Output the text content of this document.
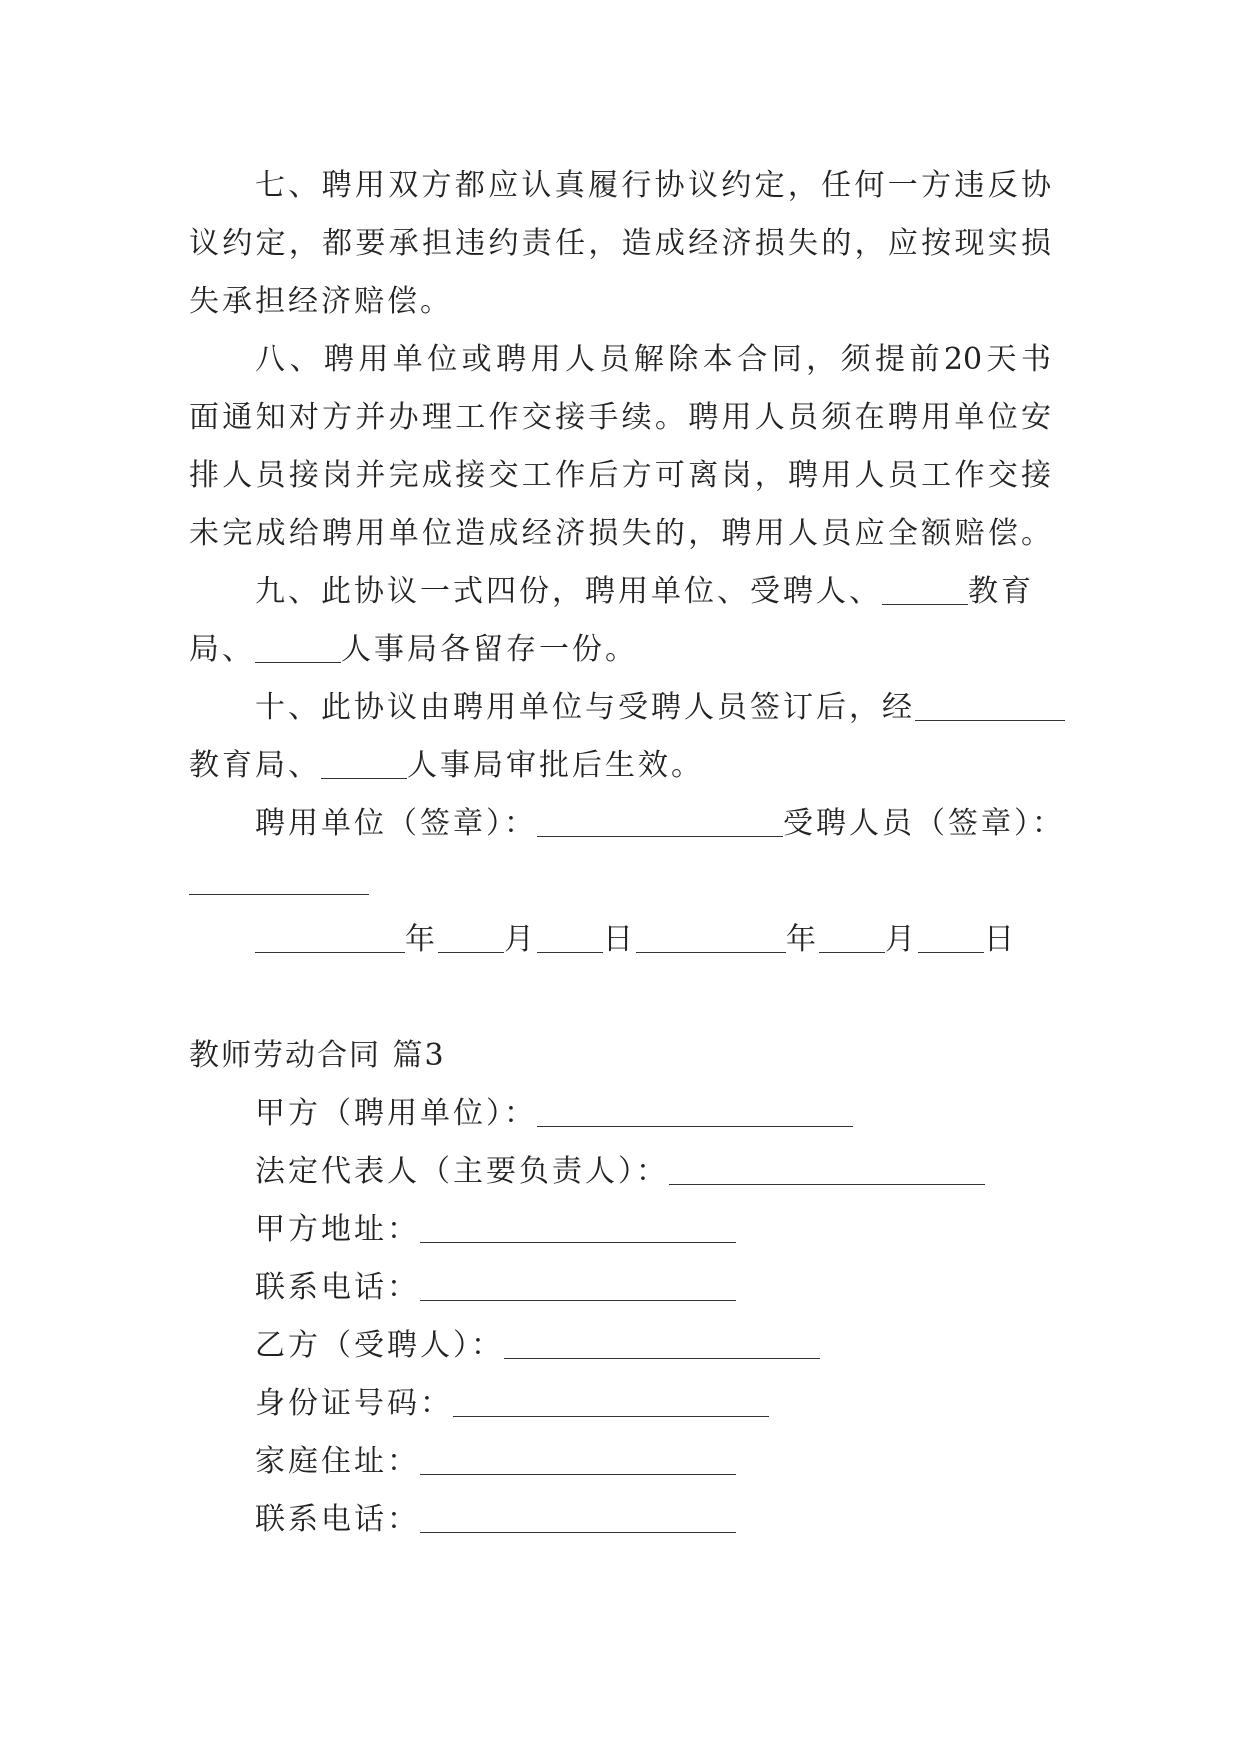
七、聘用双方都应认真履行协议约定，任何一方违反协
议约定，都要承担违约责任，造成经济损失的，应按现实损
失承担经济赔偿。
八、聘用单位或聘用人员解除本合同，须提前20天书
面通知对方并办理工作交接手续。聘用人员须在聘用单位安
排人员接岗并完成接交工作后方可离岗，聘用人员工作交接
未完成给聘用单位造成经济损失的，聘用人员应全额赔偿。
九、此协议一式四份，聘用单位、受聘人、	教育
局、	人事局各留存一份。
十、此协议由聘用单位与受聘人员签订后，经
教育局、	人事局审批后生效。
聘用单位（签章）：	受聘人员（签章）：
年 月 日	年 月 日
教师劳动合同 篇3
甲方（聘用单位）：
法定代表人（主要负责人）：
甲方地址：
联系电话：
乙方（受聘人）：
身份证号码：
家庭住址：
联系电话：
